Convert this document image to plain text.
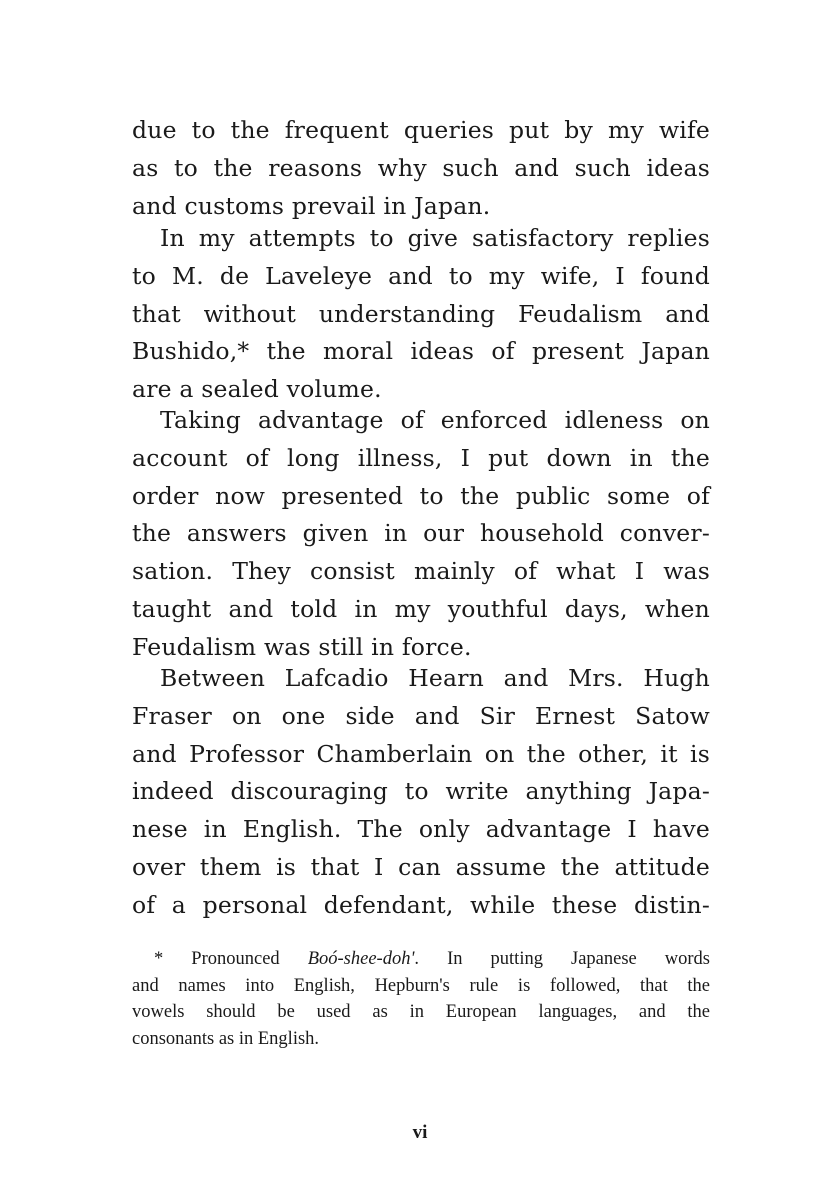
due to the frequent queries put by my wife
as to the reasons why such and such ideas
and customs prevail in Japan.
In my attempts to give satisfactory replies
to M. de Laveleye and to my wife, I found
that without understanding Feudalism and
Bushido,* the moral ideas of present Japan
are a sealed volume.
Taking advantage of enforced idleness on
account of long illness, I put down in the
order now presented to the public some of
the answers given in our household conver-
sation. They consist mainly of what I was
taught and told in my youthful days, when
Feudalism was still in force.
Between Lafcadio Hearn and Mrs. Hugh
Fraser on one side and Sir Ernest Satow
and Professor Chamberlain on the other, it is
indeed discouraging to write anything Japa-
nese in English. The only advantage I have
over them is that I can assume the attitude
of a personal defendant, while these distin-
* Pronounced Boó-shee-doh'. In putting Japanese words
and names into English, Hepburn's rule is followed, that the
vowels should be used as in European languages, and the
consonants as in English.
vi
